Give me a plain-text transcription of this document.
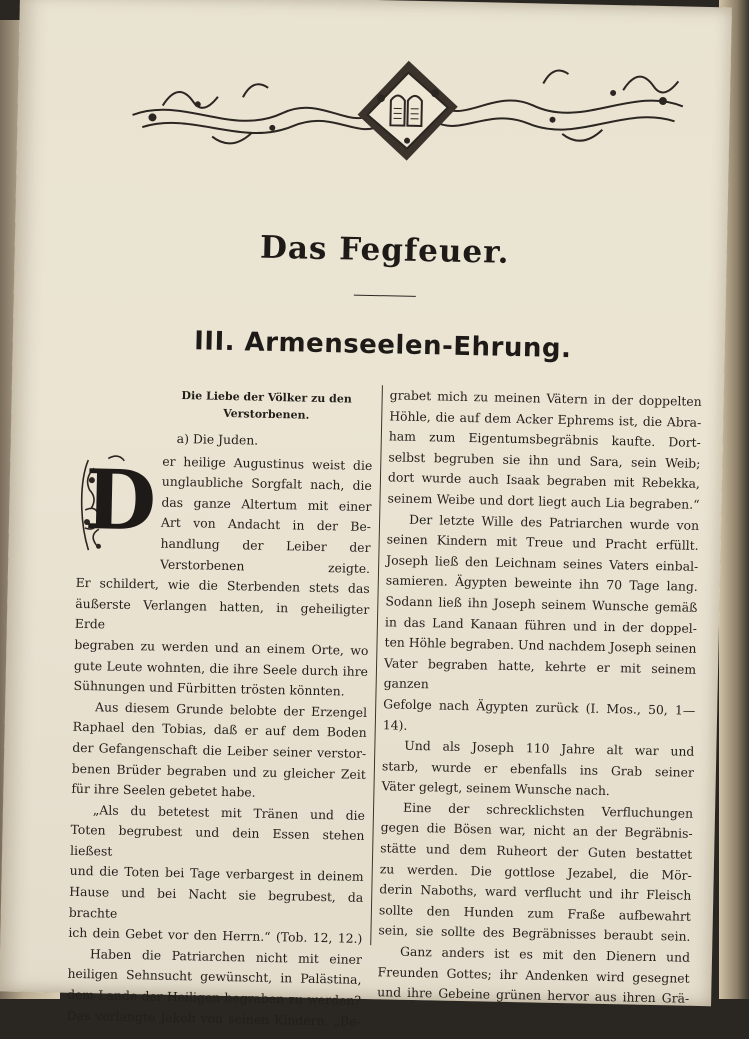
Das Fegfeuer.
III. Armenseelen-Ehrung.
Die Liebe der Völker zu den Verstorbenen.
a) Die Juden.
D er heilige Augustinus weist die
unglaubliche Sorgfalt nach, die
das ganze Altertum mit einer
Art von Andacht in der Be-
handlung der Leiber der Verstorbenen zeigte.
Er schildert, wie die Sterbenden stets das
äußerste Verlangen hatten, in geheiligter Erde
begraben zu werden und an einem Orte, wo
gute Leute wohnten, die ihre Seele durch ihre
Sühnungen und Fürbitten trösten könnten.

Aus diesem Grunde belobte der Erzengel
Raphael den Tobias, daß er auf dem Boden
der Gefangenschaft die Leiber seiner verstor-
benen Brüder begraben und zu gleicher Zeit
für ihre Seelen gebetet habe.

„Als du betetest mit Tränen und die
Toten begrubest und dein Essen stehen ließest
und die Toten bei Tage verbargest in deinem
Hause und bei Nacht sie begrubest, da brachte
ich dein Gebet vor den Herrn.“ (Tob. 12, 12.)

Haben die Patriarchen nicht mit einer
heiligen Sehnsucht gewünscht, in Palästina,
dem Lande der Heiligen begraben zu werden?
Das verlangte Jakob von seinen Kindern. „Be-

grabet mich zu meinen Vätern in der doppelten
Höhle, die auf dem Acker Ephrems ist, die Abra-
ham zum Eigentumsbegräbnis kaufte. Dort-
selbst begruben sie ihn und Sara, sein Weib;
dort wurde auch Isaak begraben mit Rebekka,
seinem Weibe und dort liegt auch Lia begraben.“

Der letzte Wille des Patriarchen wurde von
seinen Kindern mit Treue und Pracht erfüllt.
Joseph ließ den Leichnam seines Vaters einbal-
samieren. Ägypten beweinte ihn 70 Tage lang.
Sodann ließ ihn Joseph seinem Wunsche gemäß
in das Land Kanaan führen und in der doppel-
ten Höhle begraben. Und nachdem Joseph seinen
Vater begraben hatte, kehrte er mit seinem ganzen
Gefolge nach Ägypten zurück (I. Mos., 50, 1—14).

Und als Joseph 110 Jahre alt war und
starb, wurde er ebenfalls ins Grab seiner
Väter gelegt, seinem Wunsche nach.

Eine der schrecklichsten Verfluchungen
gegen die Bösen war, nicht an der Begräbnis-
stätte und dem Ruheort der Guten bestattet
zu werden. Die gottlose Jezabel, die Mör-
derin Naboths, ward verflucht und ihr Fleisch
sollte den Hunden zum Fraße aufbewahrt
sein, sie sollte des Begräbnisses beraubt sein.

Ganz anders ist es mit den Dienern und
Freunden Gottes; ihr Andenken wird gesegnet
und ihre Gebeine grünen hervor aus ihren Grä-
